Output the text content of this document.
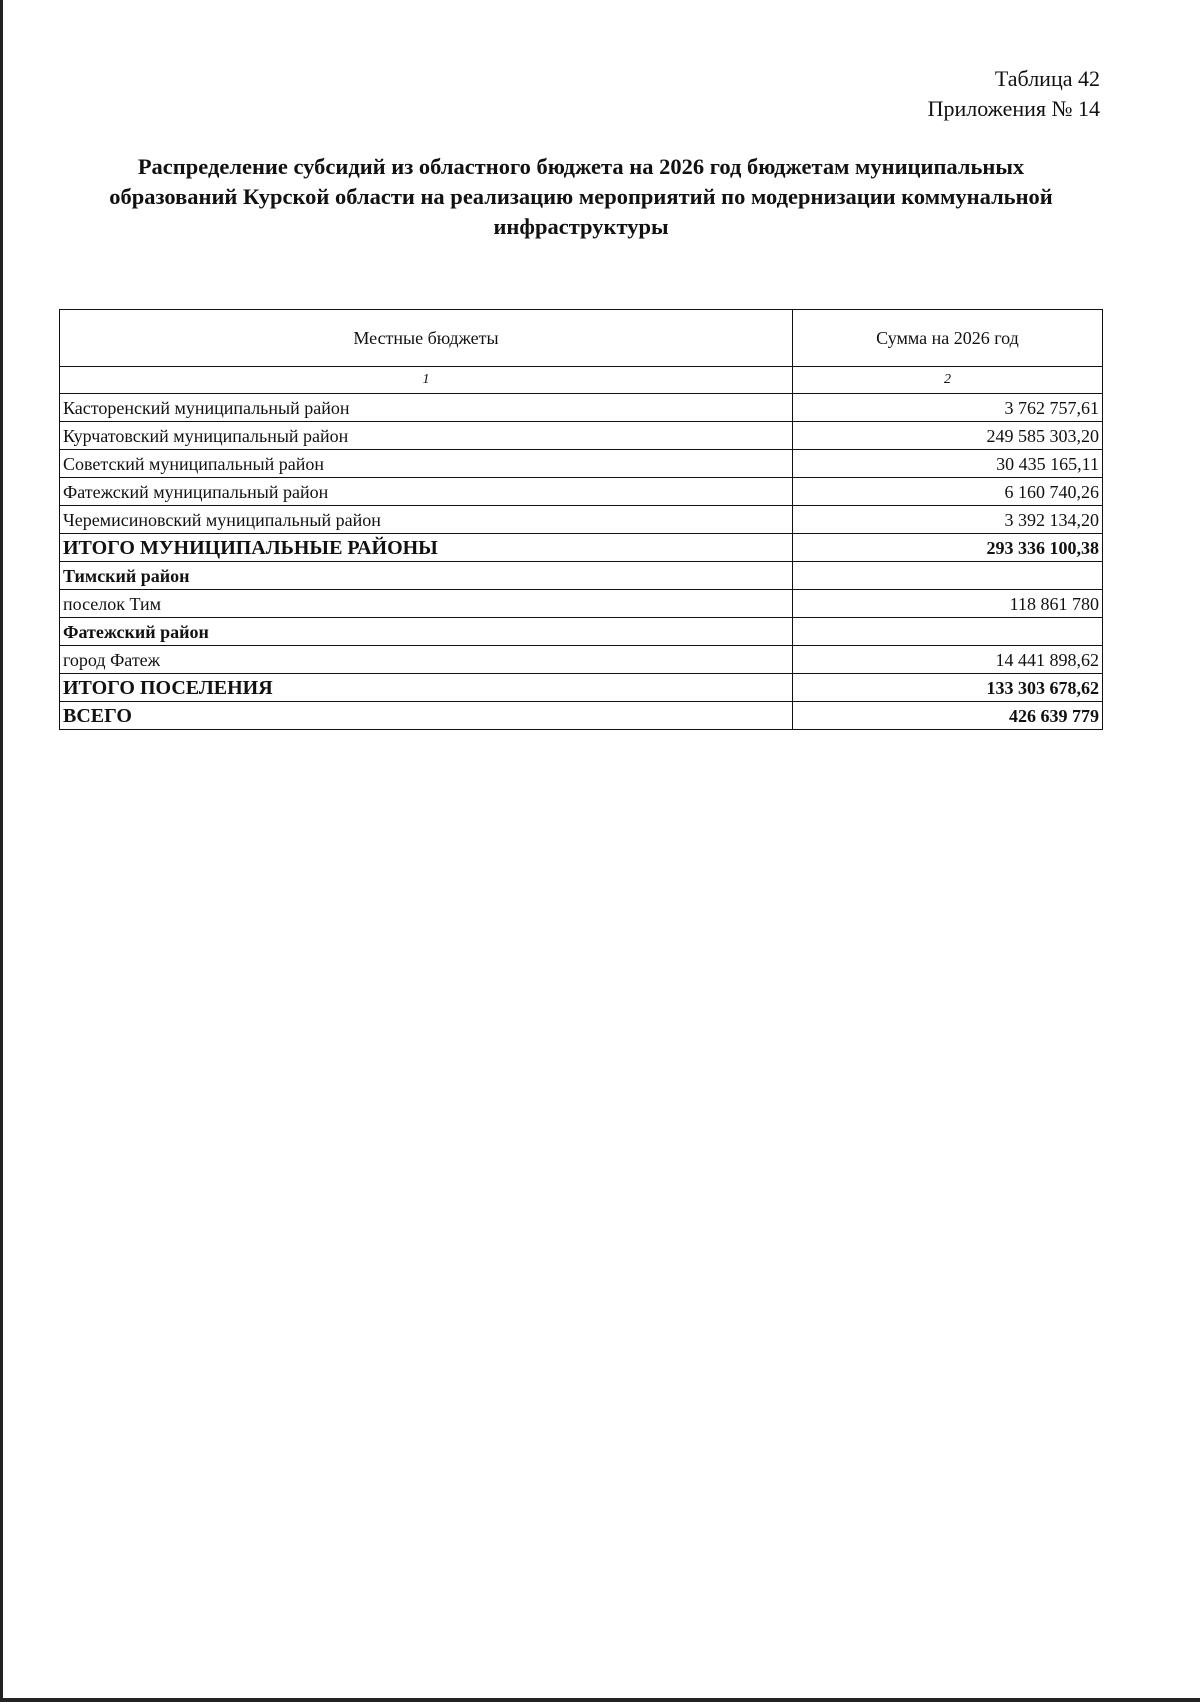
Таблица 42
Приложения № 14
Распределение субсидий из областного бюджета на 2026 год бюджетам муниципальных
образований Курской области на реализацию мероприятий по модернизации коммунальной
инфраструктуры
Местные бюджеты	Сумма на 2026 год
1	2
Касторенский муниципальный район	3 762 757,61
Курчатовский муниципальный район	249 585 303,20
Советский муниципальный район	30 435 165,11
Фатежский муниципальный район	6 160 740,26
Черемисиновский муниципальный район	3 392 134,20
ИТОГО МУНИЦИПАЛЬНЫЕ РАЙОНЫ	293 336 100,38
Тимский район	
поселок Тим	118 861 780
Фатежский район	
город Фатеж	14 441 898,62
ИТОГО ПОСЕЛЕНИЯ	133 303 678,62
ВСЕГО	426 639 779
